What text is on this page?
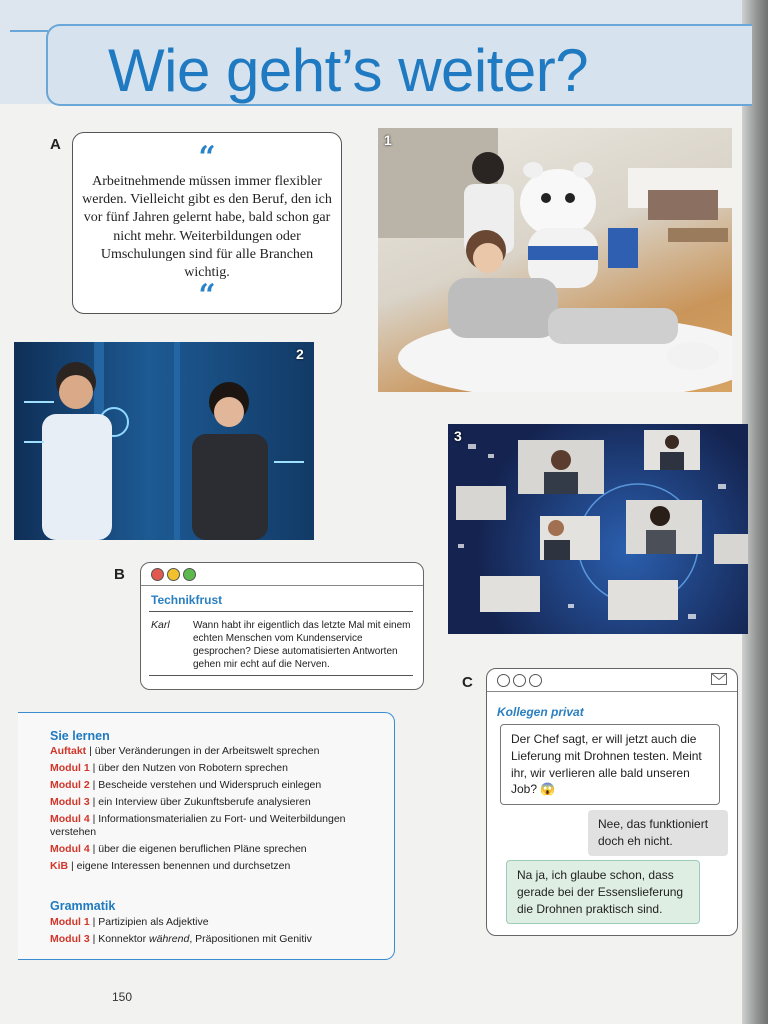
Wie geht’s weiter?
A	“
Arbeitnehmende müssen immer flexibler werden. Vielleicht gibt es den Beruf, den ich vor fünf Jahren gelernt habe, bald schon gar nicht mehr. Weiterbildungen oder Umschulungen sind für alle Branchen wichtig.
“
1
2
3
B
Technikfrust
Karl Wann habt ihr eigentlich das letzte Mal mit einem echten Menschen vom Kundenservice gesprochen? Diese automatisierten Antworten gehen mir echt auf die Nerven.
Sie lernen
Auftakt | über Veränderungen in der Arbeitswelt sprechen
Modul 1 | über den Nutzen von Robotern sprechen
Modul 2 | Bescheide verstehen und Widerspruch einlegen
Modul 3 | ein Interview über Zukunftsberufe analysieren
Modul 4 | Informationsmaterialien zu Fort- und Weiterbildungen verstehen
Modul 4 | über die eigenen beruflichen Pläne sprechen
KiB | eigene Interessen benennen und durchsetzen
Grammatik
Modul 1 | Partizipien als Adjektive
Modul 3 | Konnektor während, Präpositionen mit Genitiv
C
Kollegen privat
Der Chef sagt, er will jetzt auch die Lieferung mit Drohnen testen. Meint ihr, wir verlieren alle bald unseren Job? 😱
Nee, das funktioniert doch eh nicht.
Na ja, ich glaube schon, dass gerade bei der Essenslieferung die Drohnen praktisch sind.
150
